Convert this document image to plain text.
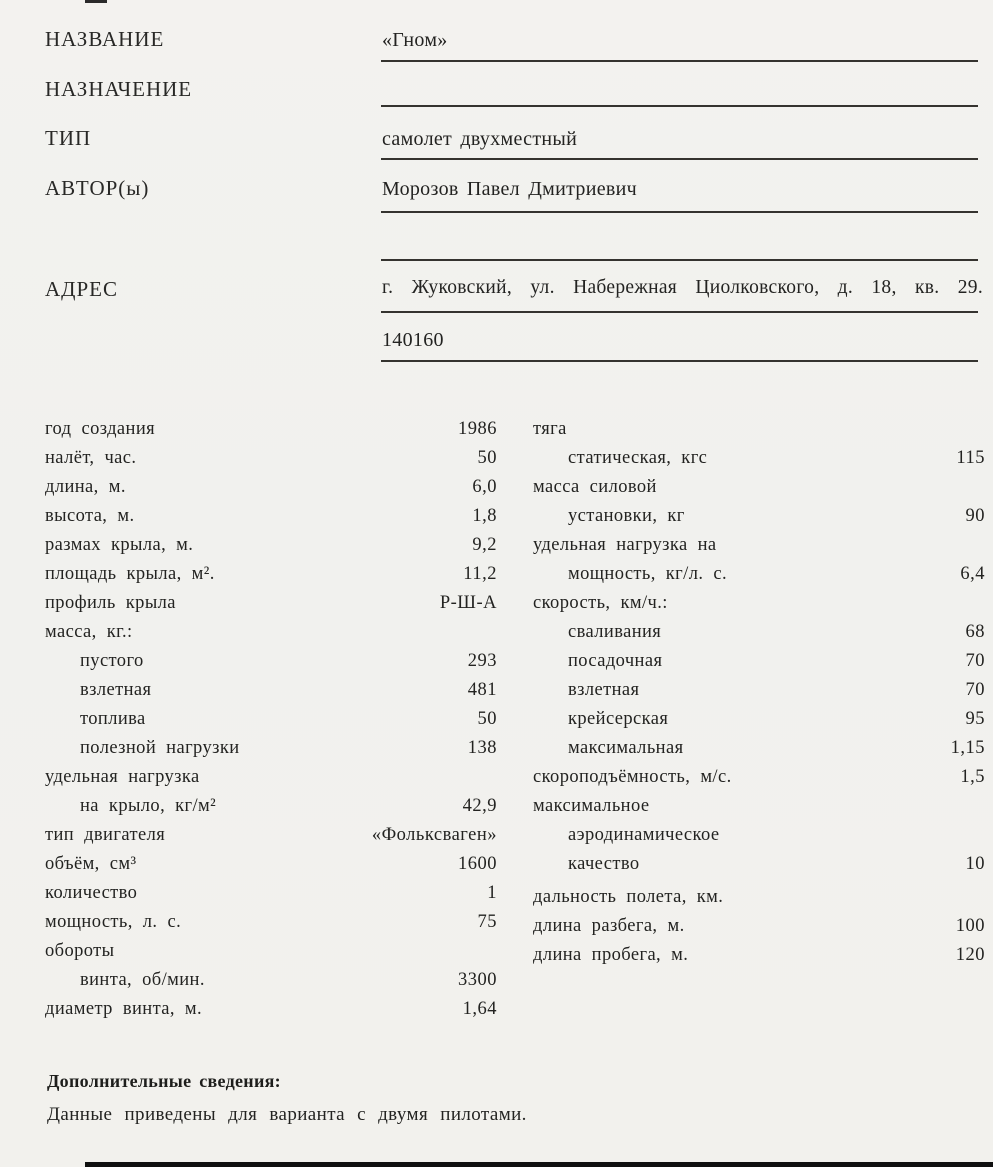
НАЗВАНИЕ	«Гном»
НАЗНАЧЕНИЕ
ТИП	самолет двухместный
АВТОР(ы)	Морозов Павел Дмитриевич
АДРЕС	г. Жуковский, ул. Набережная Циолковского, д. 18, кв. 29.
140160
год создания	1986
налёт, час.	50
длина, м.	6,0
высота, м.	1,8
размах крыла, м.	9,2
площадь крыла, м².	11,2
профиль крыла	Р-Ш-А
масса, кг.:
пустого	293
взлетная	481
топлива	50
полезной нагрузки	138
удельная нагрузка
на крыло, кг/м²	42,9
тип двигателя	«Фольксваген»
объём, см³	1600
количество	1
мощность, л. с.	75
обороты
винта, об/мин.	3300
диаметр винта, м.	1,64
тяга
статическая, кгс	115
масса силовой
установки, кг	90
удельная нагрузка на
мощность, кг/л. с.	6,4
скорость, км/ч.:
сваливания	68
посадочная	70
взлетная	70
крейсерская	95
максимальная	1,15
скороподъёмность, м/с.	1,5
максимальное
аэродинамическое
качество	10
дальность полета, км.
длина разбега, м.	100
длина пробега, м.	120
Дополнительные сведения:
Данные приведены для варианта с двумя пилотами.
